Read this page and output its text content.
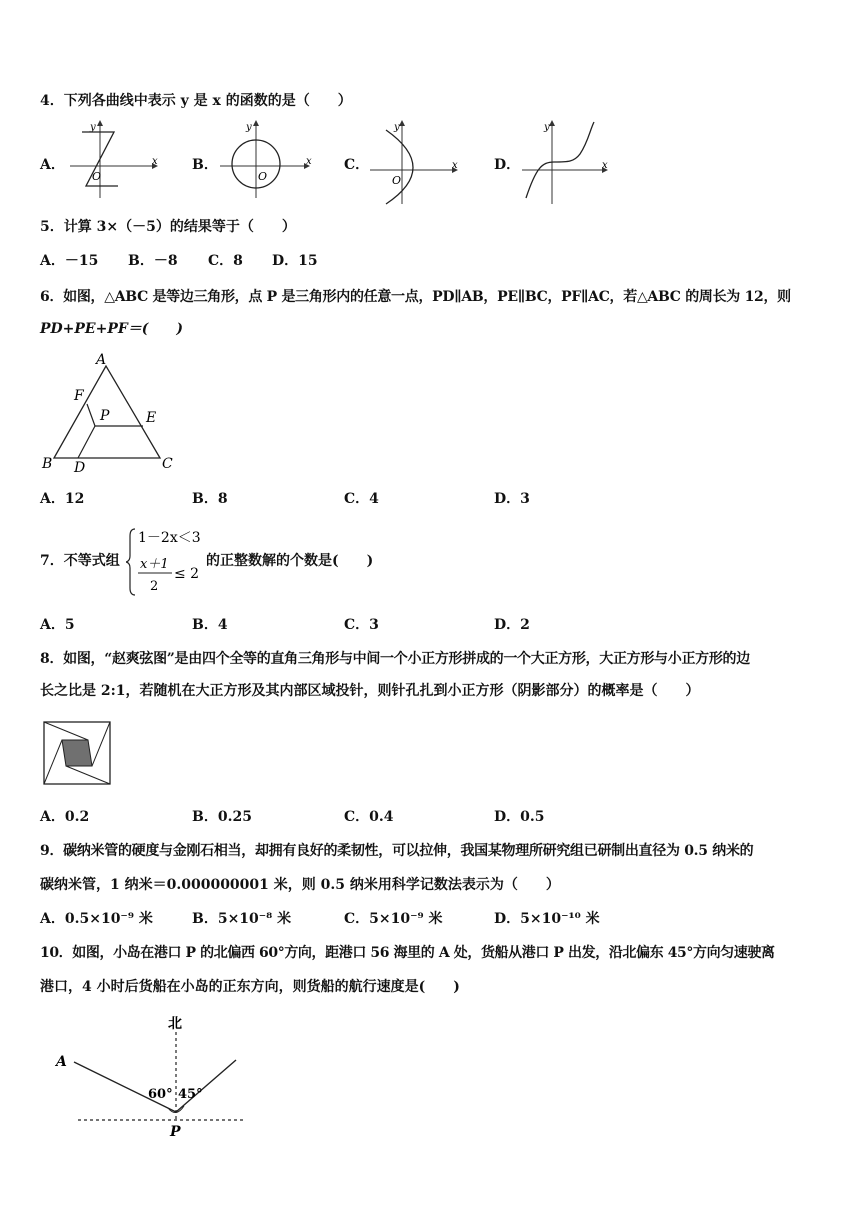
4．下列各曲线中表示 y 是 x 的函数的是（　　）
A．
y
x
O
B．
y
x
O
C．
y
x
O
D．
y
x
5．计算 3×（－5）的结果等于（　　）
A．－15 B．－8 C．8 D．15
6．如图，△ABC 是等边三角形，点 P 是三角形内的任意一点，PD∥AB，PE∥BC，PF∥AC，若△ABC 的周长为 12，则
PD+PE+PF＝(　　)
A
F
P	E
B D	C
A．12	B．8	C．4	D．3
7．不等式组
1－2x＜3
x＋1
2
≤ 2
的正整数解的个数是(　　)
A．5	B．4	C．3	D．2
8．如图，“赵爽弦图”是由四个全等的直角三角形与中间一个小正方形拼成的一个大正方形，大正方形与小正方形的边
长之比是 2:1，若随机在大正方形及其内部区域投针，则针孔扎到小正方形（阴影部分）的概率是（　　）
A．0.2	B．0.25	C．0.4	D．0.5
9．碳纳米管的硬度与金刚石相当，却拥有良好的柔韧性，可以拉伸，我国某物理所研究组已研制出直径为 0.5 纳米的
碳纳米管，1 纳米＝0.000000001 米，则 0.5 纳米用科学记数法表示为（　　）
A．0.5×10⁻⁹ 米	B．5×10⁻⁸ 米	C．5×10⁻⁹ 米	D．5×10⁻¹⁰ 米
10．如图，小岛在港口 P 的北偏西 60°方向，距港口 56 海里的 A 处，货船从港口 P 出发，沿北偏东 45°方向匀速驶离
港口，4 小时后货船在小岛的正东方向，则货船的航行速度是(　　)
北
A
60° 45°
P
